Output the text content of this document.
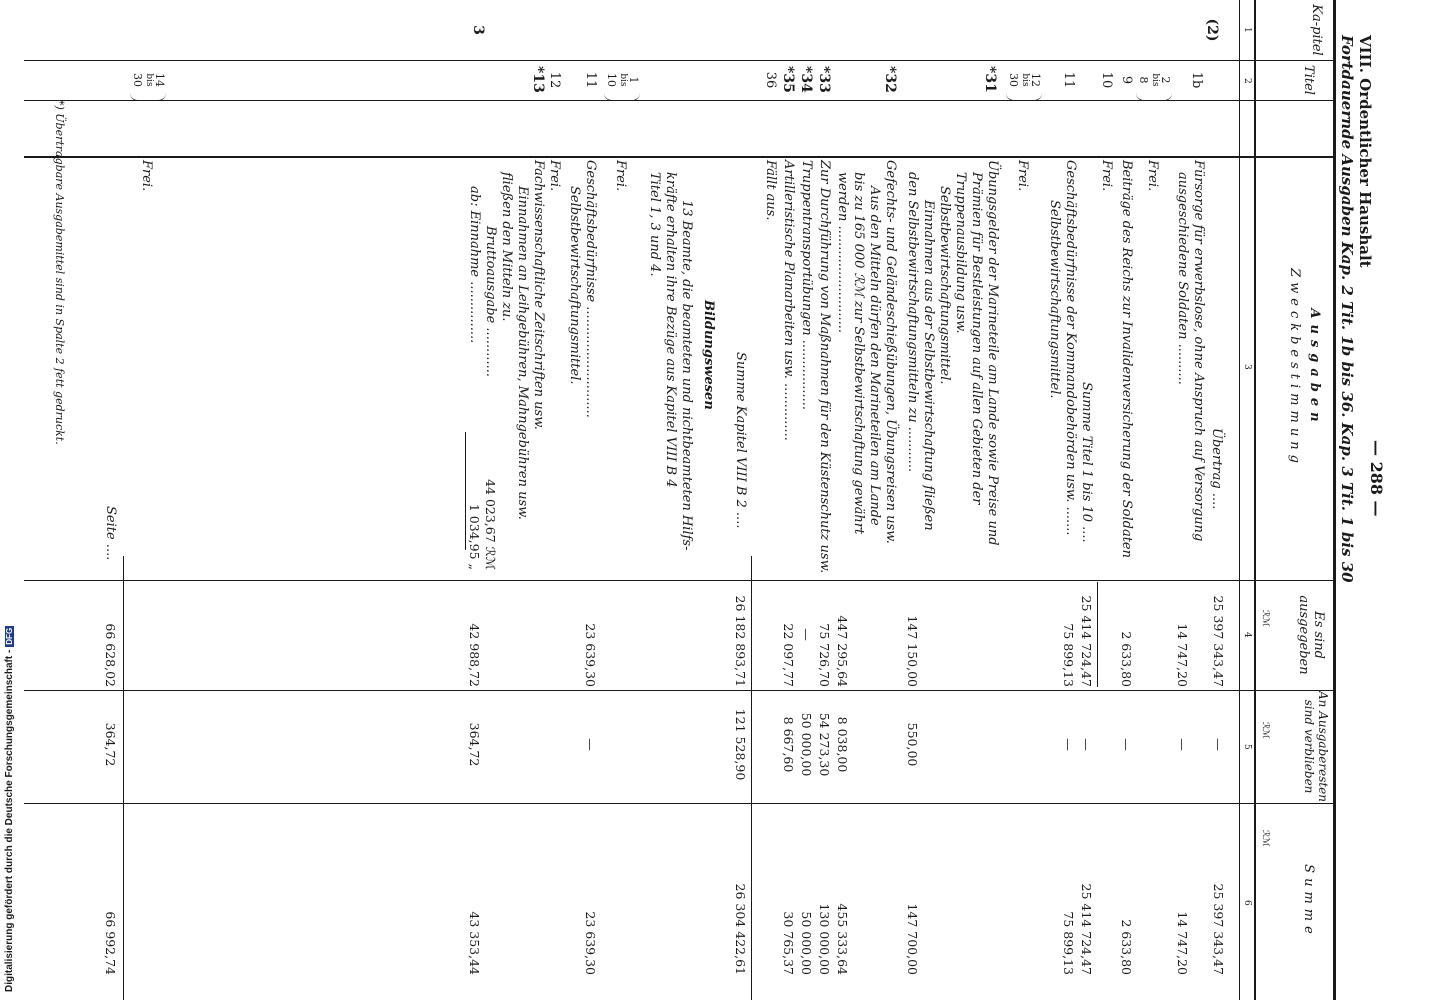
VIII. Ordentlicher Haushalt
— 288 —
Fortdauernde Ausgaben Kap. 2 Tit. 1b bis 36. Kap. 3 Tit. 1 bis 30
Ka-pitel
Titel
Ausgaben
Zweckbestimmung
Es sind ausgegeben
An Ausgaberesten sind verblieben
Summe
ℛℳ
ℛℳ
ℛℳ
1
2
3
4
5
6
(2)
3
Übertrag ....
25 397 343,47
—
25 397 343,47
1b
Fürsorge für erwerbslose, ohne Anspruch auf Versorgung
ausgeschiedene Soldaten ..........
14 747,20
—
14 747,20
2
bis
8
Frei.
9
Beiträge des Reichs zur Invalidenversicherung der Soldaten
2 633,80
—
2 633,80
10
Frei.
Summe Titel 1 bis 10 ....
25 414 724,47
—
25 414 724,47
11
Geschäftsbedürfnisse der Kommandobehörden usw. .......
Selbstbewirtschaftungsmittel.
75 899,13
—
75 899,13
12
bis
30
Frei.
*31
Übungsgelder der Marineteile am Lande sowie Preise und
Prämien für Bestleistungen auf allen Gebieten der
Truppenausbildung usw.
Selbstbewirtschaftungsmittel.
Einnahmen aus der Selbstbewirtschaftung fließen
den Selbstbewirtschaftungsmitteln zu ...........
147 150,00
550,00
147 700,00
*32
Gefechts- und Geländeschießübungen, Übungsreisen usw.
Aus den Mitteln dürfen den Marineteilen am Lande
bis zu 165 000 ℛℳ zur Selbstbewirtschaftung gewährt
werden ..........................
447 295,64
8 038,00
455 333,64
*33
Zur Durchführung von Maßnahmen für den Küstenschutz usw.
75 726,70
54 273,30
130 000,00
*34
Truppentransportübungen .................
—
50 000,00
50 000,00
*35
Artilleristische Planarbeiten usw. ..............
22 097,77
8 667,60
30 765,37
36
Fällt aus.
Summe Kapitel VIII B 2 ....
26 182 893,71
121 528,90
26 304 422,61
Bildungswesen
13 Beamte, die beamteten und nichtbeamteten Hilfs-
kräfte erhalten ihre Bezüge aus Kapitel VIII B 4
Titel 1, 3 und 4.
1
bis
10
Frei.
11
Geschäftsbedürfnisse ...........................
Selbstbewirtschaftungsmittel.
23 639,30
—
23 639,30
12
Frei.
*13
Fachwissenschaftliche Zeitschriften usw.
Einnahmen an Leihgebühren, Mahngebühren usw.
fließen den Mitteln zu.
Bruttoausgabe ............
44 023,67 ℛℳ
ab: Einnahme ...............
1 034,95 „
42 988,72
364,72
43 353,44
14
bis
30
Frei.
Seite ....
66 628,02
364,72
66 992,74
*) Übertragbare Ausgabemittel sind in Spalte 2 fett gedruckt.
Digitalisierung gefördert durch die Deutsche Forschungsgemeinschaft -DFG
